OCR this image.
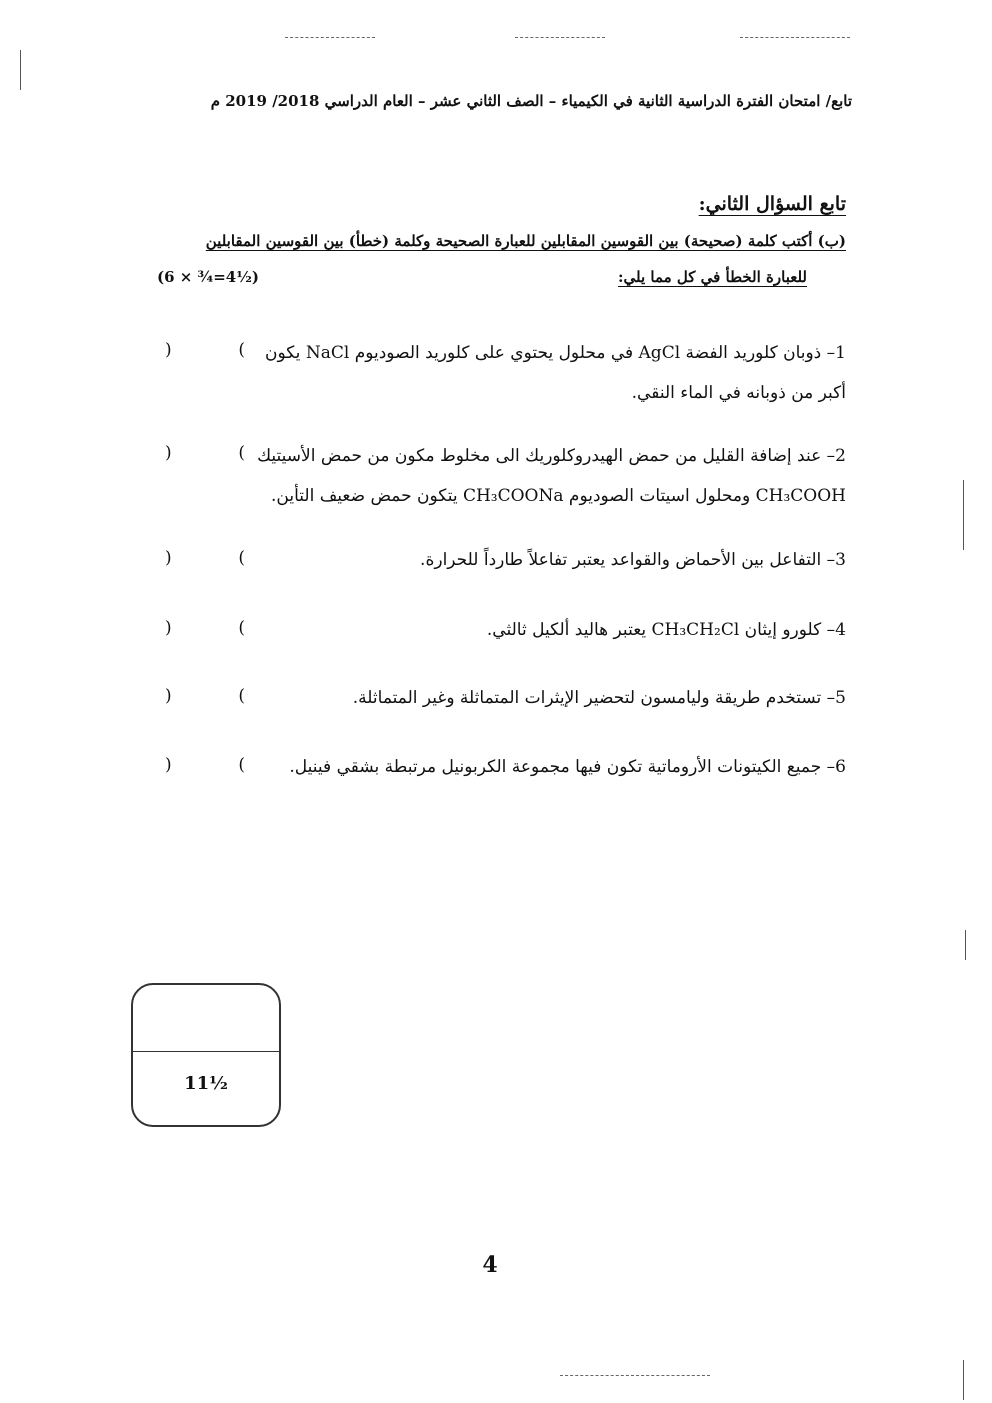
تابع/ امتحان الفترة الدراسية الثانية في الكيمياء – الصف الثاني عشر – العام الدراسي 2018/ 2019 م
تابع السؤال الثاني:
(ب) أكتب كلمة (صحيحة) بين القوسين المقابلين للعبارة الصحيحة وكلمة (خطأ) بين القوسين المقابلين
للعبارة الخطأ في كل مما يلي:
(6 × ¾=4½)
1– ذوبان كلوريد الفضة AgCl في محلول يحتوي على كلوريد الصوديوم NaCl يكون
أكبر من ذوبانه في الماء النقي.
(
)
2– عند إضافة القليل من حمض الهيدروكلوريك الى مخلوط مكون من حمض الأسيتيك
CH₃COOH ومحلول اسيتات الصوديوم CH₃COONa يتكون حمض ضعيف التأين.
(
)
3– التفاعل بين الأحماض والقواعد يعتبر تفاعلاً طارداً للحرارة.
(
)
4– كلورو إيثان CH₃CH₂Cl يعتبر هاليد ألكيل ثالثي.
(
)
5– تستخدم طريقة وليامسون لتحضير الإيثرات المتماثلة وغير المتماثلة.
(
)
6– جميع الكيتونات الأروماتية تكون فيها مجموعة الكربونيل مرتبطة بشقي فينيل.
(
)
11½
4
